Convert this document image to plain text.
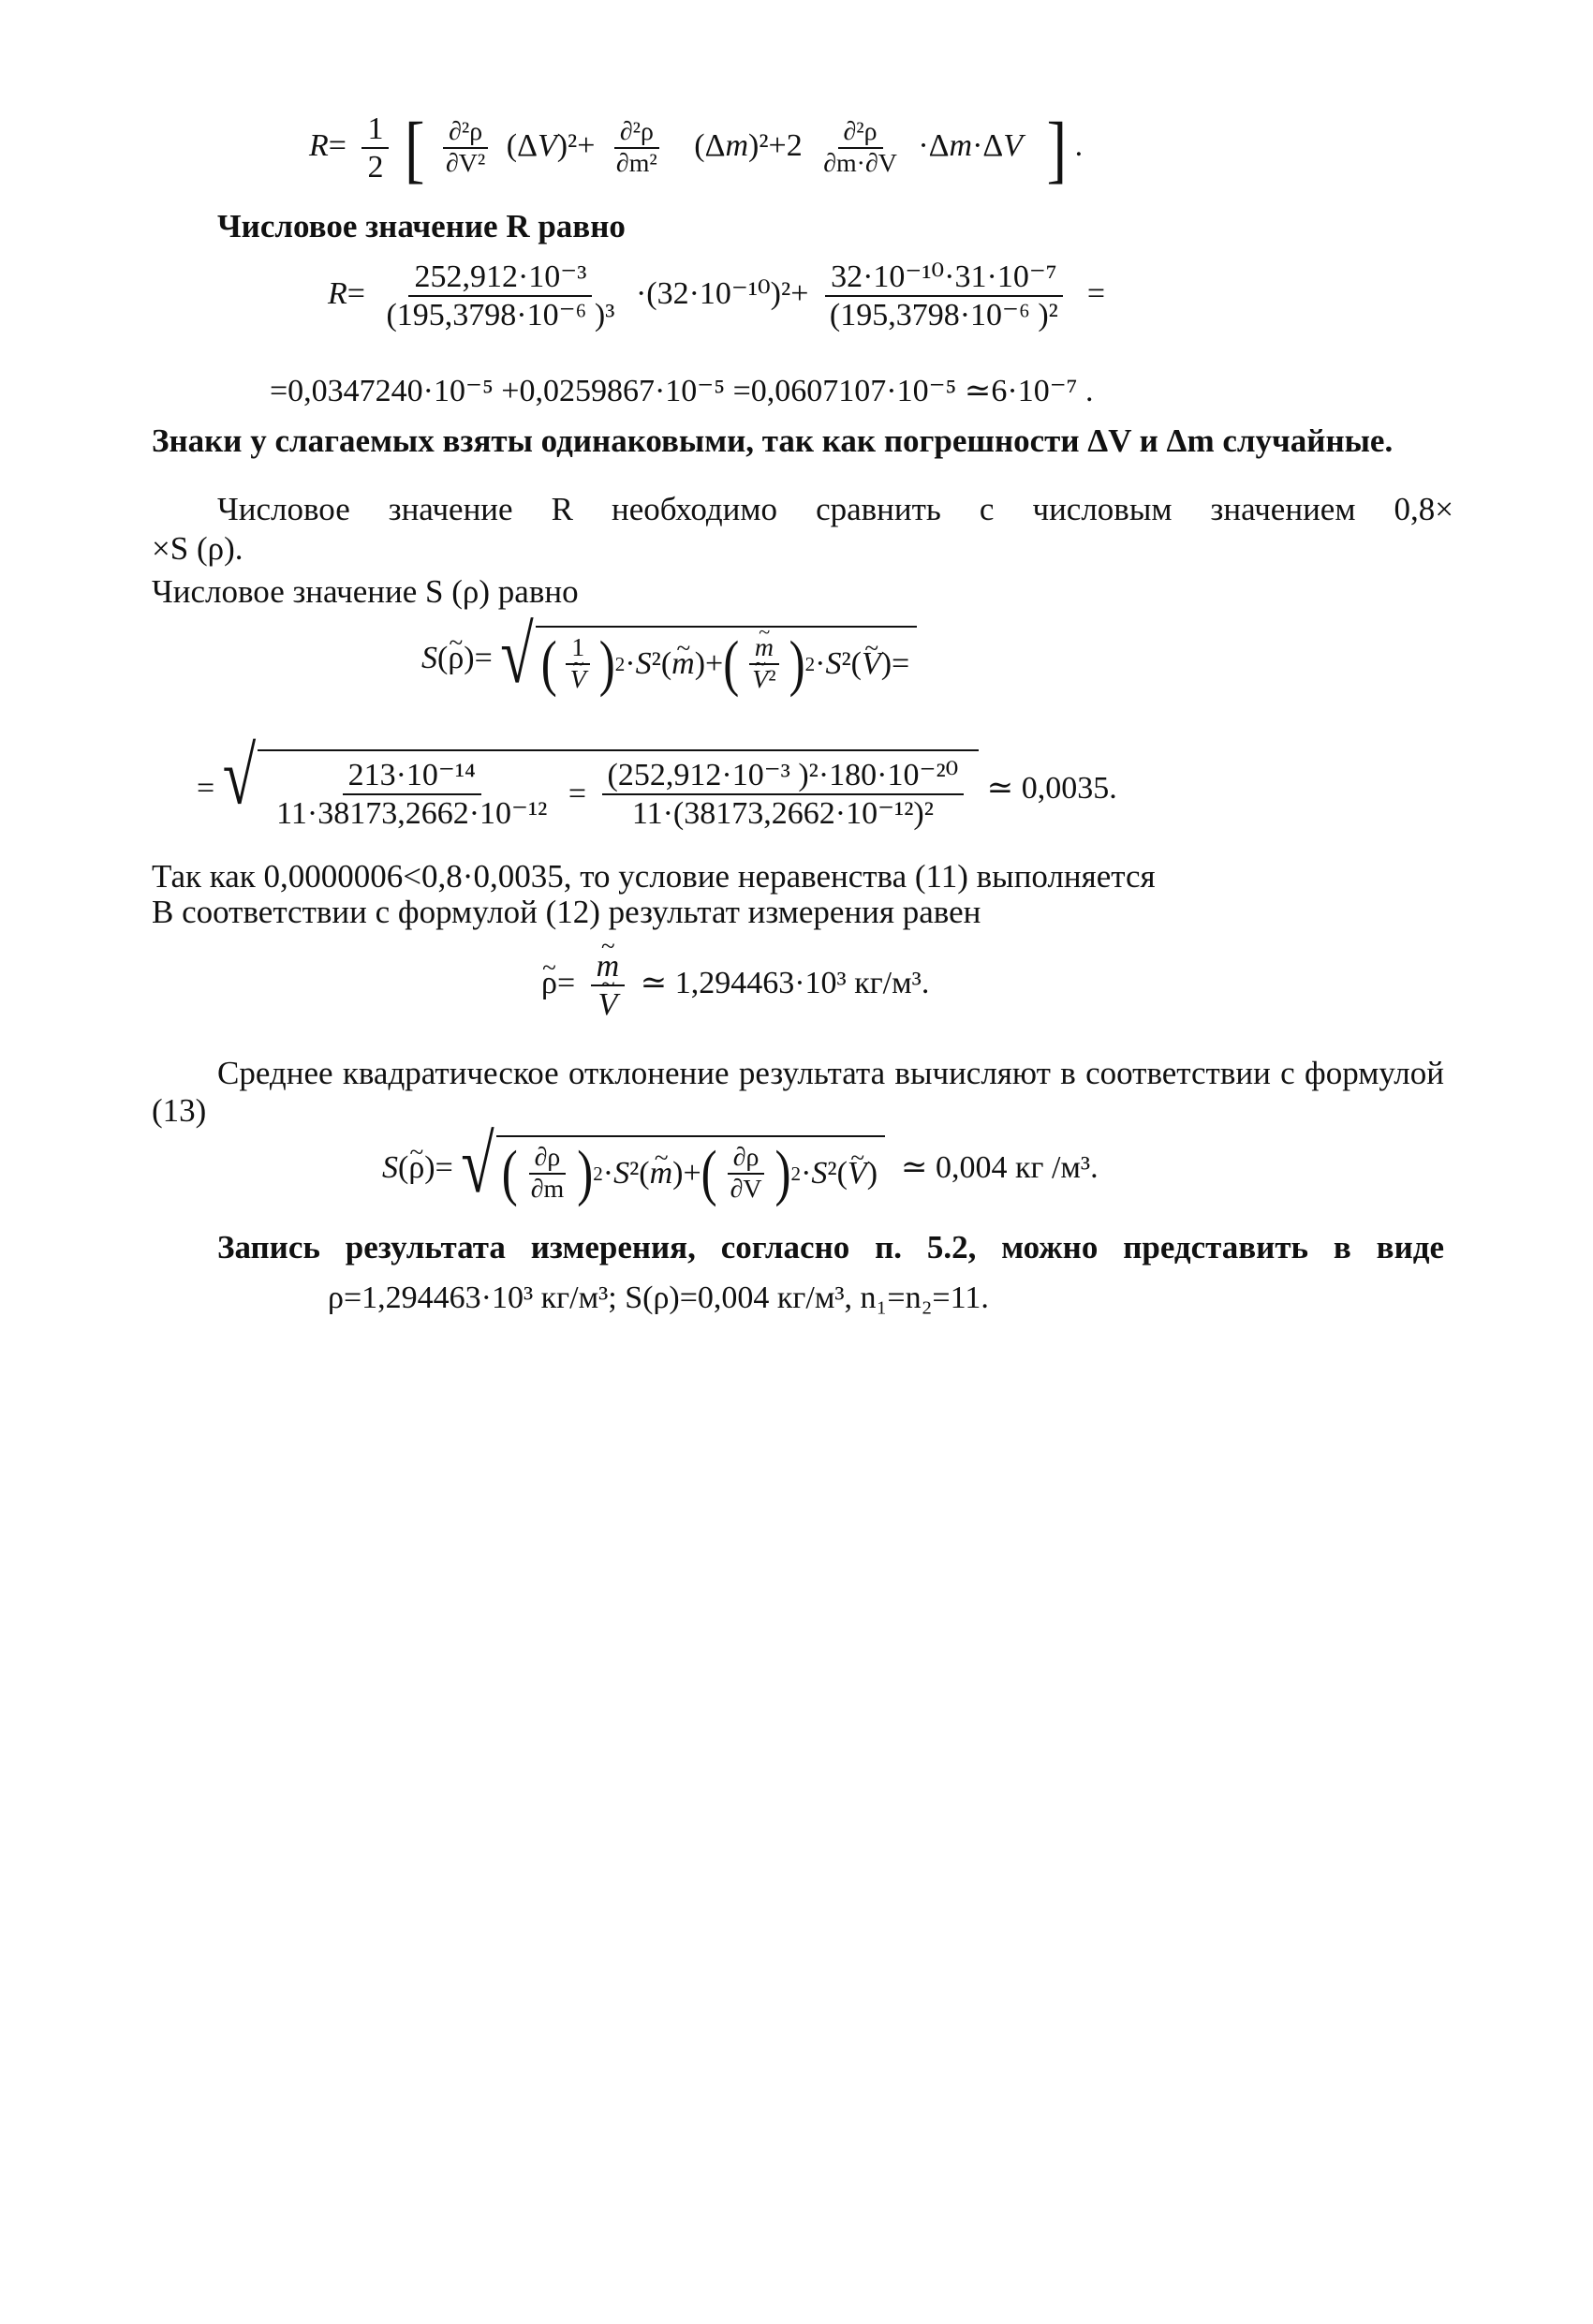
$R= \frac{1}{2}$ [ $\frac{\text{∂²ρ}}{\text{∂V²}} (\Delta V)^2+ \frac{\text{∂²ρ}}{\text{∂m²}} (\Delta m)^2+2 \frac{\text{∂²ρ}}{\partial m\cdot\partial V} \cdot\Delta m\cdot\Delta V$ ] .
Числовое значение R равно
$R= \frac{\text{252,912·10⁻³}}{\text{(195,3798·10⁻⁶ )³}} \cdot(32\cdot 10^{-10})^2+ \frac{\text{32·10⁻¹⁰·31·10⁻⁷}}{\text{(195,3798·10⁻⁶ )²}}$ =
=0,0347240·10⁻⁵ +0,0259867·10⁻⁵ =0,0607107·10⁻⁵ ≃6·10⁻⁷ .
Знаки у слагаемых взяты одинаковыми, так как погрешности ΔV и Δm случайные.
Числовое значение R необходимо сравнить с числовым значением 0,8×
×S (ρ).
Числовое значение S (ρ) равно
S(~ ρ)= √ ( 1
~ V ) 2 · S ²( ~ m )+ ( ~ m
~ V² ) 2 · S ²( ~ V )=
= √ $\frac{\text{213·10⁻¹⁴}}{\text{11·38173,2662·10⁻¹²}} = \frac{\text{(252,912·10⁻³ )²·180·10⁻²⁰}}{\text{11·(38173,2662·10⁻¹²)²}}$ ≃ 0,0035.
Так как 0,0000006<0,8·0,0035, то условие неравенства (11) выполняется
В соответствии с формулой (12) результат измерения равен
~ ρ= ~ m
~ V ≃ 1,294463·10³ кг/м³.
Среднее квадратическое отклонение результата вычисляют в соответствии с формулой (13)
S(~ ρ)= √ ( $\frac{\partial\rho}{\partial m}$ ) 2 · S ²( ~ m )+ ( $\frac{\partial\rho}{\partial V}$ ) 2 · S ²( ~ V ) ≃ 0,004 кг /м³.
Запись результата измерения, согласно п. 5.2, можно представить в виде
ρ=1,294463·10³ кг/м³; S(ρ)=0,004 кг/м³, n₁=n₂=11.
